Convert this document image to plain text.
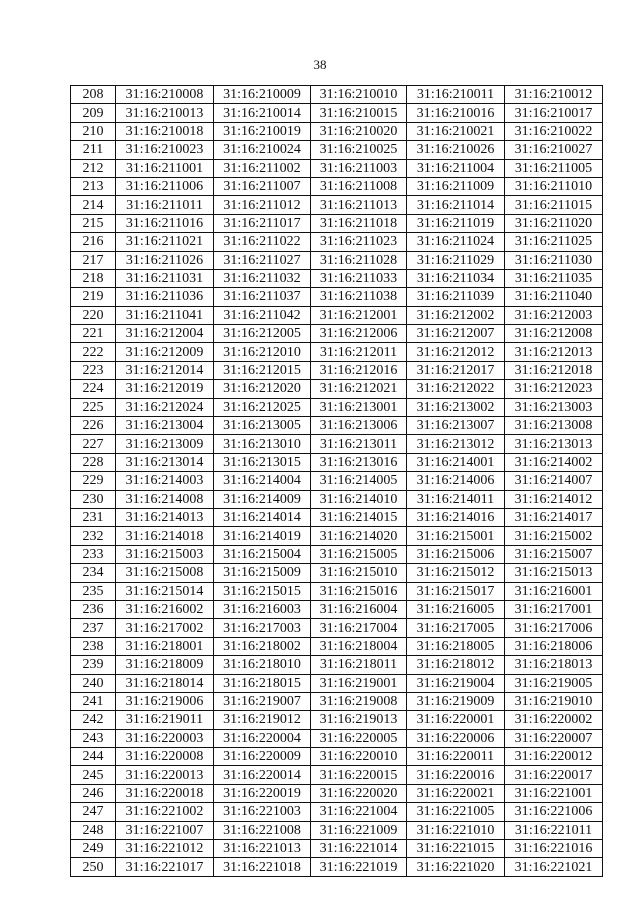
38
208	31:16:210008	31:16:210009	31:16:210010	31:16:210011	31:16:210012
209	31:16:210013	31:16:210014	31:16:210015	31:16:210016	31:16:210017
210	31:16:210018	31:16:210019	31:16:210020	31:16:210021	31:16:210022
211	31:16:210023	31:16:210024	31:16:210025	31:16:210026	31:16:210027
212	31:16:211001	31:16:211002	31:16:211003	31:16:211004	31:16:211005
213	31:16:211006	31:16:211007	31:16:211008	31:16:211009	31:16:211010
214	31:16:211011	31:16:211012	31:16:211013	31:16:211014	31:16:211015
215	31:16:211016	31:16:211017	31:16:211018	31:16:211019	31:16:211020
216	31:16:211021	31:16:211022	31:16:211023	31:16:211024	31:16:211025
217	31:16:211026	31:16:211027	31:16:211028	31:16:211029	31:16:211030
218	31:16:211031	31:16:211032	31:16:211033	31:16:211034	31:16:211035
219	31:16:211036	31:16:211037	31:16:211038	31:16:211039	31:16:211040
220	31:16:211041	31:16:211042	31:16:212001	31:16:212002	31:16:212003
221	31:16:212004	31:16:212005	31:16:212006	31:16:212007	31:16:212008
222	31:16:212009	31:16:212010	31:16:212011	31:16:212012	31:16:212013
223	31:16:212014	31:16:212015	31:16:212016	31:16:212017	31:16:212018
224	31:16:212019	31:16:212020	31:16:212021	31:16:212022	31:16:212023
225	31:16:212024	31:16:212025	31:16:213001	31:16:213002	31:16:213003
226	31:16:213004	31:16:213005	31:16:213006	31:16:213007	31:16:213008
227	31:16:213009	31:16:213010	31:16:213011	31:16:213012	31:16:213013
228	31:16:213014	31:16:213015	31:16:213016	31:16:214001	31:16:214002
229	31:16:214003	31:16:214004	31:16:214005	31:16:214006	31:16:214007
230	31:16:214008	31:16:214009	31:16:214010	31:16:214011	31:16:214012
231	31:16:214013	31:16:214014	31:16:214015	31:16:214016	31:16:214017
232	31:16:214018	31:16:214019	31:16:214020	31:16:215001	31:16:215002
233	31:16:215003	31:16:215004	31:16:215005	31:16:215006	31:16:215007
234	31:16:215008	31:16:215009	31:16:215010	31:16:215012	31:16:215013
235	31:16:215014	31:16:215015	31:16:215016	31:16:215017	31:16:216001
236	31:16:216002	31:16:216003	31:16:216004	31:16:216005	31:16:217001
237	31:16:217002	31:16:217003	31:16:217004	31:16:217005	31:16:217006
238	31:16:218001	31:16:218002	31:16:218004	31:16:218005	31:16:218006
239	31:16:218009	31:16:218010	31:16:218011	31:16:218012	31:16:218013
240	31:16:218014	31:16:218015	31:16:219001	31:16:219004	31:16:219005
241	31:16:219006	31:16:219007	31:16:219008	31:16:219009	31:16:219010
242	31:16:219011	31:16:219012	31:16:219013	31:16:220001	31:16:220002
243	31:16:220003	31:16:220004	31:16:220005	31:16:220006	31:16:220007
244	31:16:220008	31:16:220009	31:16:220010	31:16:220011	31:16:220012
245	31:16:220013	31:16:220014	31:16:220015	31:16:220016	31:16:220017
246	31:16:220018	31:16:220019	31:16:220020	31:16:220021	31:16:221001
247	31:16:221002	31:16:221003	31:16:221004	31:16:221005	31:16:221006
248	31:16:221007	31:16:221008	31:16:221009	31:16:221010	31:16:221011
249	31:16:221012	31:16:221013	31:16:221014	31:16:221015	31:16:221016
250	31:16:221017	31:16:221018	31:16:221019	31:16:221020	31:16:221021
